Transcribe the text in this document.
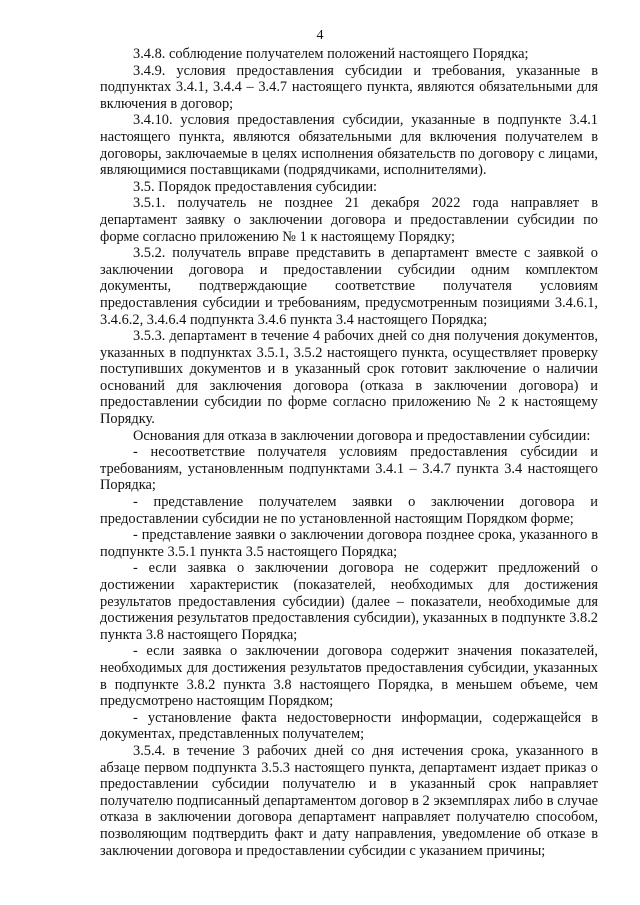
4

3.4.8. соблюдение получателем положений настоящего Порядка;

3.4.9. условия предоставления субсидии и требования, указанные в подпунктах 3.4.1, 3.4.4 – 3.4.7 настоящего пункта, являются обязательными для включения в договор;

3.4.10. условия предоставления субсидии, указанные в подпункте 3.4.1 настоящего пункта, являются обязательными для включения получателем в договоры, заключаемые в целях исполнения обязательств по договору с лицами, являющимися поставщиками (подрядчиками, исполнителями).

3.5. Порядок предоставления субсидии:

3.5.1. получатель не позднее 21 декабря 2022 года направляет в департамент заявку о заключении договора и предоставлении субсидии по форме согласно приложению № 1 к настоящему Порядку;

3.5.2. получатель вправе представить в департамент вместе с заявкой о заключении договора и предоставлении субсидии одним комплектом документы, подтверждающие соответствие получателя условиям предоставления субсидии и требованиям, предусмотренным позициями 3.4.6.1, 3.4.6.2, 3.4.6.4 подпункта 3.4.6 пункта 3.4 настоящего Порядка;

3.5.3. департамент в течение 4 рабочих дней со дня получения документов, указанных в подпунктах 3.5.1, 3.5.2 настоящего пункта, осуществляет проверку поступивших документов и в указанный срок готовит заключение о наличии оснований для заключения договора (отказа в заключении договора) и предоставлении субсидии по форме согласно приложению № 2 к настоящему Порядку.

Основания для отказа в заключении договора и предоставлении субсидии:

- несоответствие получателя условиям предоставления субсидии и требованиям, установленным подпунктами 3.4.1 – 3.4.7 пункта 3.4 настоящего Порядка;

- представление получателем заявки о заключении договора и предоставлении субсидии не по установленной настоящим Порядком форме;

- представление заявки о заключении договора позднее срока, указанного в подпункте 3.5.1 пункта 3.5 настоящего Порядка;

- если заявка о заключении договора не содержит предложений о достижении характеристик (показателей, необходимых для достижения результатов предоставления субсидии) (далее – показатели, необходимые для достижения результатов предоставления субсидии), указанных в подпункте 3.8.2 пункта 3.8 настоящего Порядка;

- если заявка о заключении договора содержит значения показателей, необходимых для достижения результатов предоставления субсидии, указанных в подпункте 3.8.2 пункта 3.8 настоящего Порядка, в меньшем объеме, чем предусмотрено настоящим Порядком;

- установление факта недостоверности информации, содержащейся в документах, представленных получателем;

3.5.4. в течение 3 рабочих дней со дня истечения срока, указанного в абзаце первом подпункта 3.5.3 настоящего пункта, департамент издает приказ о предоставлении субсидии получателю и в указанный срок направляет получателю подписанный департаментом договор в 2 экземплярах либо в случае отказа в заключении договора департамент направляет получателю способом, позволяющим подтвердить факт и дату направления, уведомление об отказе в заключении договора и предоставлении субсидии с указанием причины;
